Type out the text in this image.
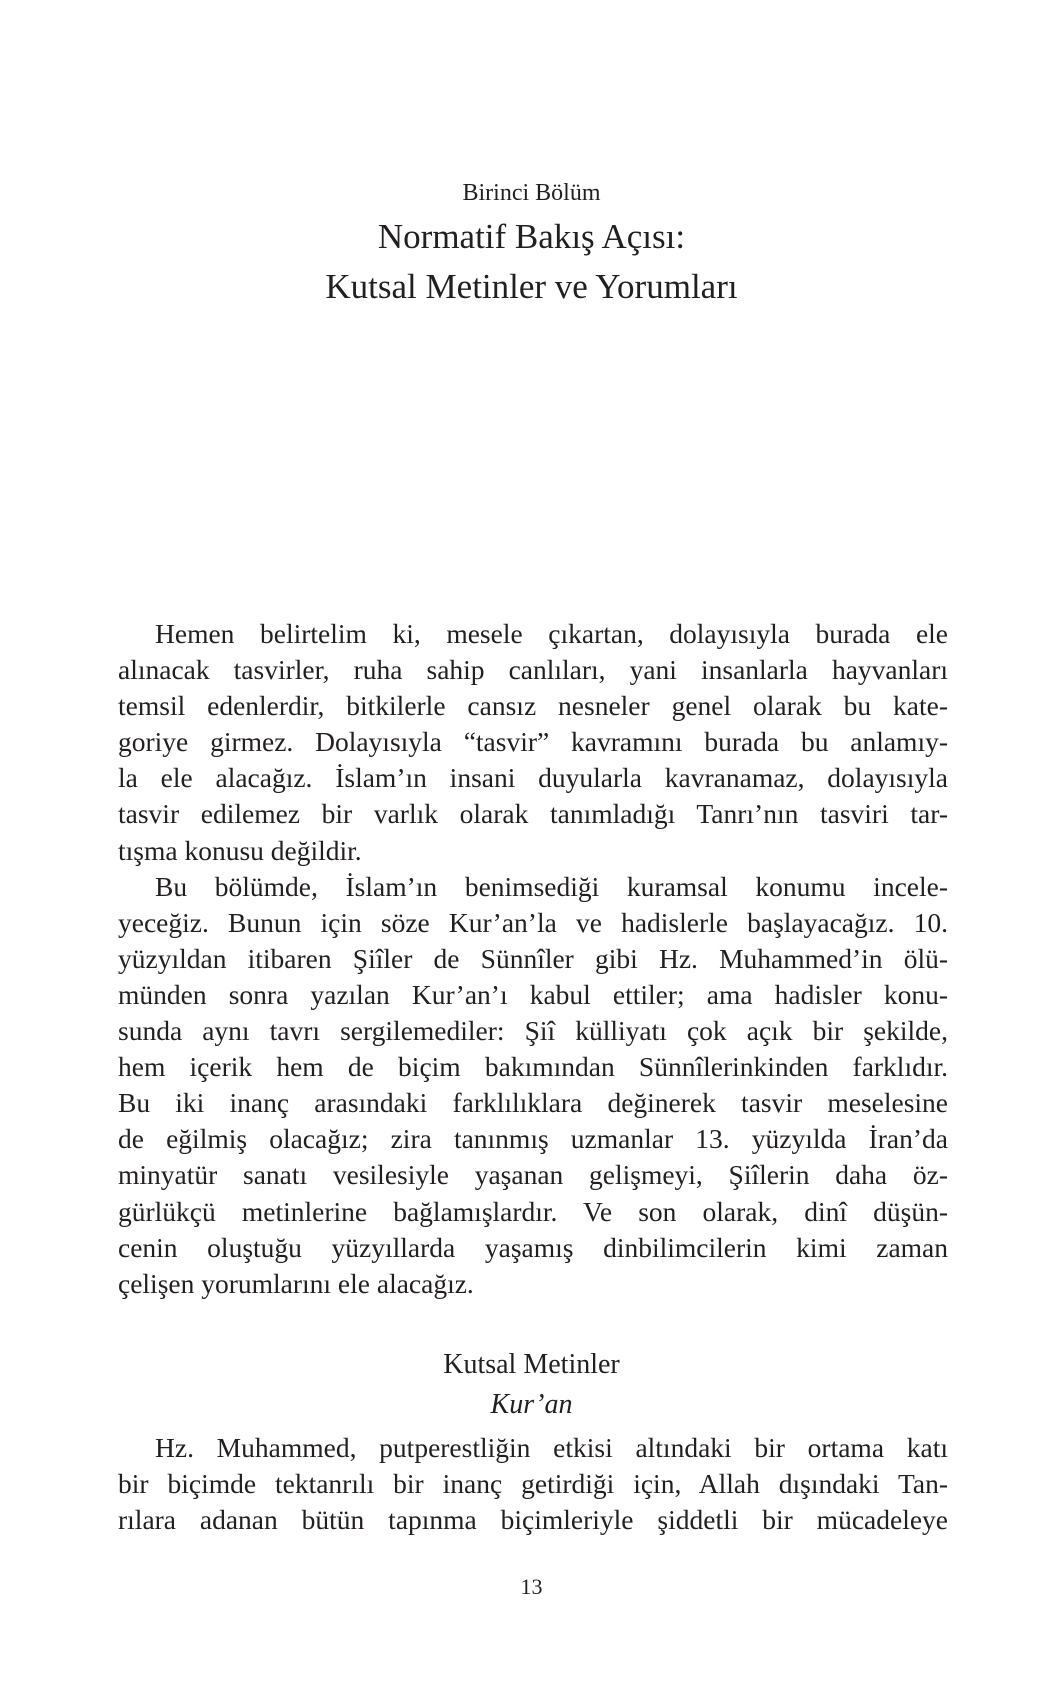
Birinci Bölüm
Normatif Bakış Açısı:
Kutsal Metinler ve Yorumları
Hemen belirtelim ki, mesele çıkartan, dolayısıyla burada ele
alınacak tasvirler, ruha sahip canlıları, yani insanlarla hayvanları
temsil edenlerdir, bitkilerle cansız nesneler genel olarak bu kate-
goriye girmez. Dolayısıyla “tasvir” kavramını burada bu anlamıy-
la ele alacağız. İslam’ın insani duyularla kavranamaz, dolayısıyla
tasvir edilemez bir varlık olarak tanımladığı Tanrı’nın tasviri tar-
tışma konusu değildir.
Bu bölümde, İslam’ın benimsediği kuramsal konumu incele-
yeceğiz. Bunun için söze Kur’an’la ve hadislerle başlayacağız. 10.
yüzyıldan itibaren Şiîler de Sünnîler gibi Hz. Muhammed’in ölü-
münden sonra yazılan Kur’an’ı kabul ettiler; ama hadisler konu-
sunda aynı tavrı sergilemediler: Şiî külliyatı çok açık bir şekilde,
hem içerik hem de biçim bakımından Sünnîlerinkinden farklıdır.
Bu iki inanç arasındaki farklılıklara değinerek tasvir meselesine
de eğilmiş olacağız; zira tanınmış uzmanlar 13. yüzyılda İran’da
minyatür sanatı vesilesiyle yaşanan gelişmeyi, Şiîlerin daha öz-
gürlükçü metinlerine bağlamışlardır. Ve son olarak, dinî düşün-
cenin oluştuğu yüzyıllarda yaşamış dinbilimcilerin kimi zaman
çelişen yorumlarını ele alacağız.
Kutsal Metinler
Kur’an
Hz. Muhammed, putperestliğin etkisi altındaki bir ortama katı
bir biçimde tektanrılı bir inanç getirdiği için, Allah dışındaki Tan-
rılara adanan bütün tapınma biçimleriyle şiddetli bir mücadeleye
13
